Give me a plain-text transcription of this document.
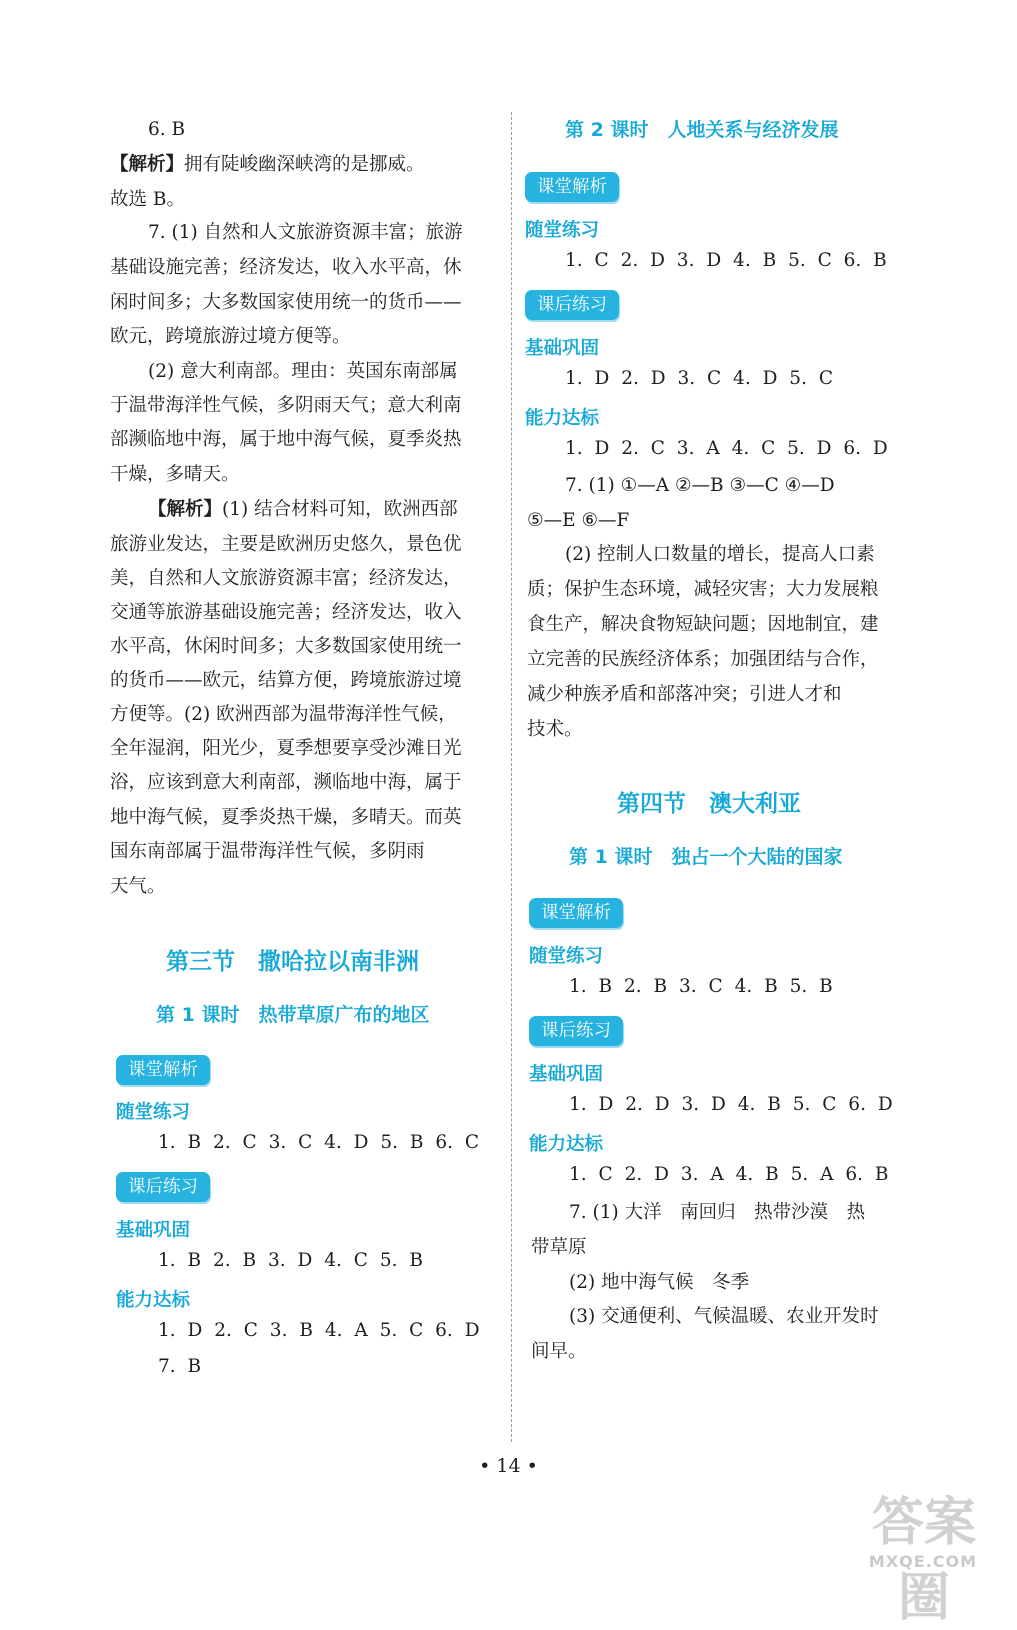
6. B
【解析】拥有陡峻幽深峡湾的是挪威。
故选 B。
7. (1) 自然和人文旅游资源丰富；旅游
基础设施完善；经济发达，收入水平高，休
闲时间多；大多数国家使用统一的货币——
欧元，跨境旅游过境方便等。
(2) 意大利南部。理由：英国东南部属
于温带海洋性气候，多阴雨天气；意大利南
部濒临地中海，属于地中海气候，夏季炎热
干燥，多晴天。
【解析】(1) 结合材料可知，欧洲西部
旅游业发达，主要是欧洲历史悠久，景色优
美，自然和人文旅游资源丰富；经济发达，
交通等旅游基础设施完善；经济发达，收入
水平高，休闲时间多；大多数国家使用统一
的货币——欧元，结算方便，跨境旅游过境
方便等。(2) 欧洲西部为温带海洋性气候，
全年湿润，阳光少，夏季想要享受沙滩日光
浴，应该到意大利南部，濒临地中海，属于
地中海气候，夏季炎热干燥，多晴天。而英
国东南部属于温带海洋性气候，多阴雨
天气。
第三节　撒哈拉以南非洲
第 1 课时　热带草原广布的地区
课堂解析
随堂练习
1. B 2. C 3. C 4. D 5. B 6. C
课后练习
基础巩固
1. B 2. B 3. D 4. C 5. B
能力达标
1. D 2. C 3. B 4. A 5. C 6. D
7. B
第 2 课时　人地关系与经济发展
课堂解析
随堂练习
1. C 2. D 3. D 4. B 5. C 6. B
课后练习
基础巩固
1. D 2. D 3. C 4. D 5. C
能力达标
1. D 2. C 3. A 4. C 5. D 6. D
7. (1) ①—A ②—B ③—C ④—D
⑤—E ⑥—F
(2) 控制人口数量的增长，提高人口素
质；保护生态环境，减轻灾害；大力发展粮
食生产，解决食物短缺问题；因地制宜，建
立完善的民族经济体系；加强团结与合作，
减少种族矛盾和部落冲突；引进人才和
技术。
第四节　澳大利亚
第 1 课时　独占一个大陆的国家
课堂解析
随堂练习
1. B 2. B 3. C 4. B 5. B
课后练习
基础巩固
1. D 2. D 3. D 4. B 5. C 6. D
能力达标
1. C 2. D 3. A 4. B 5. A 6. B
7. (1) 大洋　南回归　热带沙漠　热
带草原
(2) 地中海气候　冬季
(3) 交通便利、气候温暖、农业开发时
间早。
• 14 •
答案圈
MXQE.COM
